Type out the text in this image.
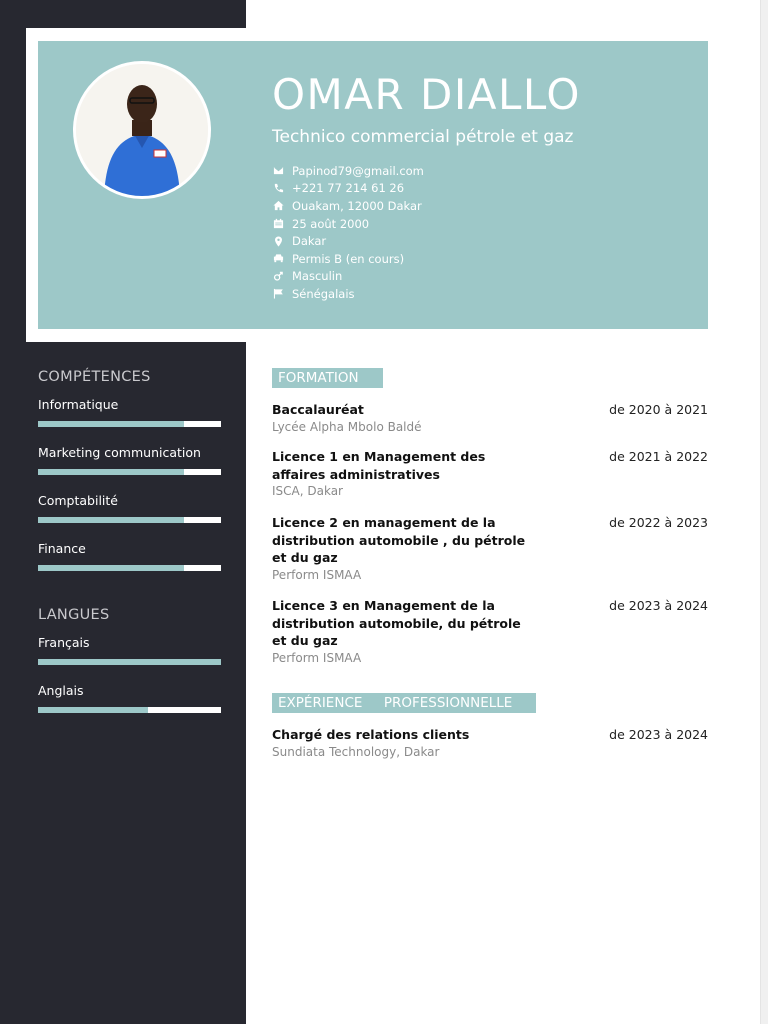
OMAR DIALLO
Technico commercial pétrole et gaz
Papinod79@gmail.com
+221 77 214 61 26
Ouakam, 12000 Dakar
25 août 2000
Dakar
Permis B (en cours)
Masculin
Sénégalais
COMPÉTENCES
Informatique
Marketing communication
Comptabilité
Finance
LANGUES
Français
Anglais
FORMATION
Baccalauréat
Lycée Alpha Mbolo Baldé
de 2020 à 2021
Licence 1 en Management des affaires administratives
ISCA, Dakar
de 2021 à 2022
Licence 2 en management de la distribution automobile , du pétrole et du gaz
Perform ISMAA
de 2022 à 2023
Licence 3 en Management de la distribution automobile, du pétrole et du gaz
Perform ISMAA
de 2023 à 2024
EXPÉRIENCE     PROFESSIONNELLE
Chargé des relations clients
Sundiata Technology, Dakar
de 2023 à 2024
